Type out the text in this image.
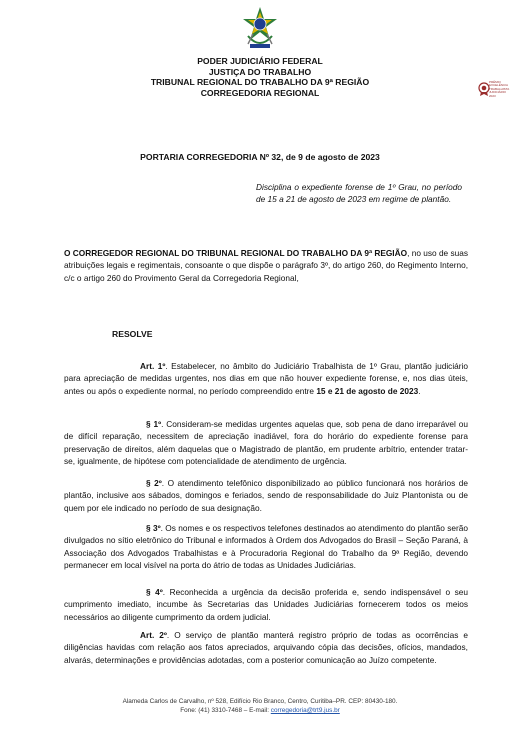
PODER JUDICIÁRIO FEDERAL
JUSTIÇA DO TRABALHO
TRIBUNAL REGIONAL DO TRABALHO DA 9ª REGIÃO
CORREGEDORIA REGIONAL
PRÊMIO EXCELÊNCIA TRABALHISTA JUDICIÁRIO 2023
PORTARIA CORREGEDORIA Nº 32, de 9 de agosto de 2023
Disciplina o expediente forense de 1º Grau, no período de 15 a 21 de agosto de 2023 em regime de plantão.
O CORREGEDOR REGIONAL DO TRIBUNAL REGIONAL DO TRABALHO DA 9ª REGIÃO, no uso de suas atribuições legais e regimentais, consoante o que dispõe o parágrafo 3º, do artigo 260, do Regimento Interno, c/c o artigo 260 do Provimento Geral da Corregedoria Regional,
RESOLVE
Art. 1º. Estabelecer, no âmbito do Judiciário Trabalhista de 1º Grau, plantão judiciário para apreciação de medidas urgentes, nos dias em que não houver expediente forense, e, nos dias úteis, antes ou após o expediente normal, no período compreendido entre 15 e 21 de agosto de 2023.
§ 1º. Consideram-se medidas urgentes aquelas que, sob pena de dano irreparável ou de difícil reparação, necessitem de apreciação inadiável, fora do horário do expediente forense para preservação de direitos, além daquelas que o Magistrado de plantão, em prudente arbítrio, entender tratar-se, igualmente, de hipótese com potencialidade de atendimento de urgência.
§ 2º. O atendimento telefônico disponibilizado ao público funcionará nos horários de plantão, inclusive aos sábados, domingos e feriados, sendo de responsabilidade do Juiz Plantonista ou de quem por ele indicado no período de sua designação.
§ 3º. Os nomes e os respectivos telefones destinados ao atendimento do plantão serão divulgados no sítio eletrônico do Tribunal e informados à Ordem dos Advogados do Brasil – Seção Paraná, à Associação dos Advogados Trabalhistas e à Procuradoria Regional do Trabalho da 9ª Região, devendo permanecer em local visível na porta do átrio de todas as Unidades Judiciárias.
§ 4º. Reconhecida a urgência da decisão proferida e, sendo indispensável o seu cumprimento imediato, incumbe às Secretarias das Unidades Judiciárias fornecerem todos os meios necessários ao diligente cumprimento da ordem judicial.
Art. 2º. O serviço de plantão manterá registro próprio de todas as ocorrências e diligências havidas com relação aos fatos apreciados, arquivando cópia das decisões, ofícios, mandados, alvarás, determinações e providências adotadas, com a posterior comunicação ao Juízo competente.
Alameda Carlos de Carvalho, nº 528, Edifício Rio Branco, Centro, Curitiba–PR. CEP: 80430-180.
Fone: (41) 3310-7468 – E-mail: corregedoria@trt9.jus.br
